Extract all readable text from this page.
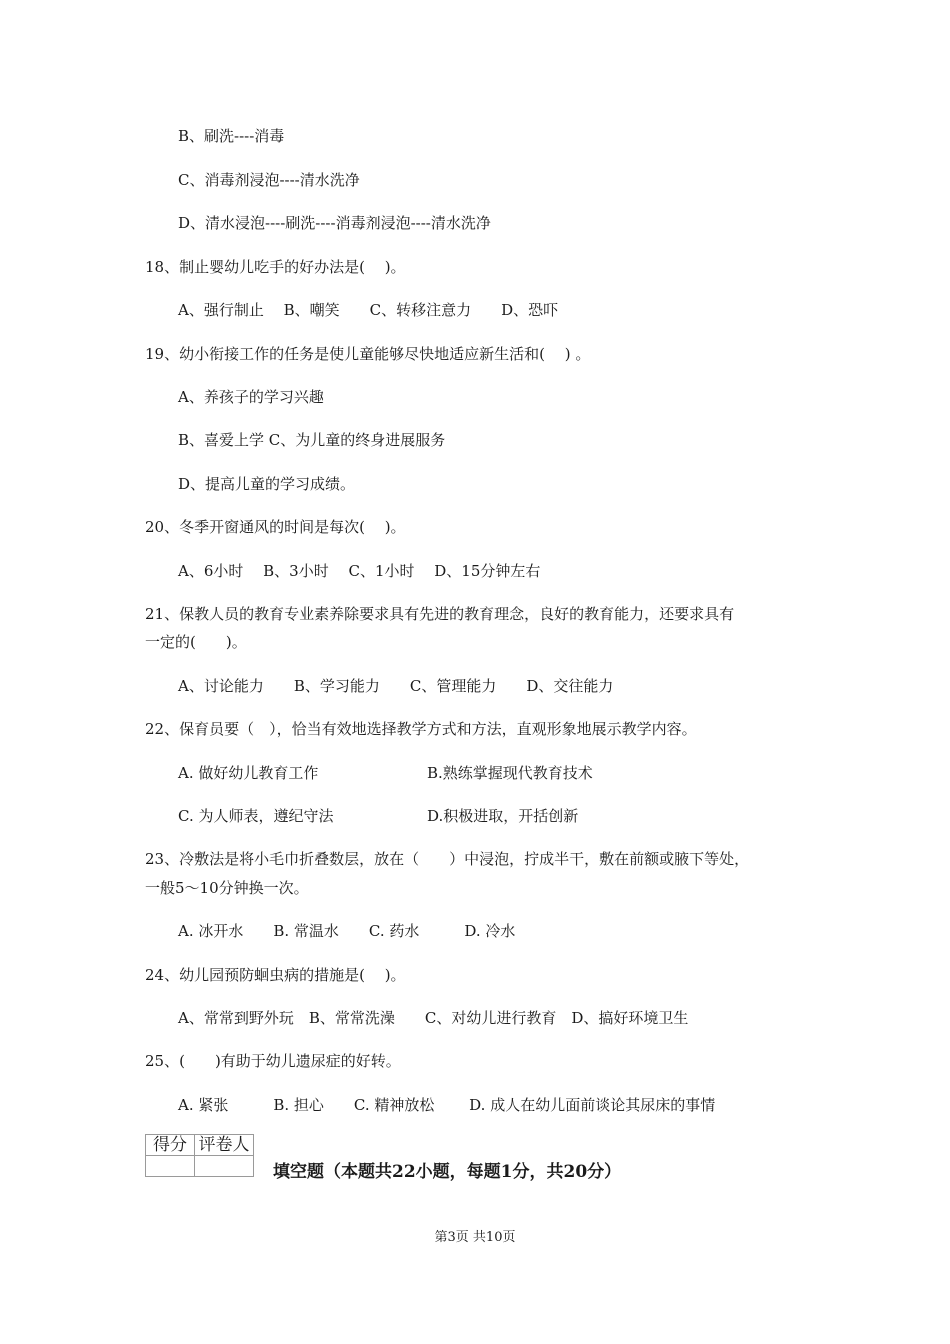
B、刷洗----消毒
C、消毒剂浸泡----清水洗净
D、清水浸泡----刷洗----消毒剂浸泡----清水洗净
18、制止婴幼儿吃手的好办法是(　 )。
A、强行制止　 B、嘲笑　　C、转移注意力　　D、恐吓
19、幼小衔接工作的任务是使儿童能够尽快地适应新生活和(　 ) 。
A、养孩子的学习兴趣
B、喜爱上学 C、为儿童的终身进展服务
D、提高儿童的学习成绩。
20、冬季开窗通风的时间是每次(　 )。
A、6小时　 B、3小时　 C、1小时　 D、15分钟左右
21、保教人员的教育专业素养除要求具有先进的教育理念，良好的教育能力，还要求具有
一定的(　　)。
A、讨论能力　　B、学习能力　　C、管理能力　　D、交往能力
22、保育员要（　），恰当有效地选择教学方式和方法，直观形象地展示教学内容。
A. 做好幼儿教育工作	B.熟练掌握现代教育技术
C. 为人师表，遵纪守法	D.积极进取，开括创新
23、冷敷法是将小毛巾折叠数层，放在（　　）中浸泡，拧成半干，敷在前额或腋下等处，
一般5～10分钟换一次。
A. 冰开水　　B. 常温水　　C. 药水　　　D. 冷水
24、幼儿园预防蛔虫病的措施是(　 )。
A、常常到野外玩　B、常常洗澡　　C、对幼儿进行教育　D、搞好环境卫生
25、(　　)有助于幼儿遗尿症的好转。
A. 紧张　　　B. 担心　　C. 精神放松　　 D. 成人在幼儿面前谈论其尿床的事情
得分	评卷人

填空题（本题共22小题，每题1分，共20分）
第3页 共10页
